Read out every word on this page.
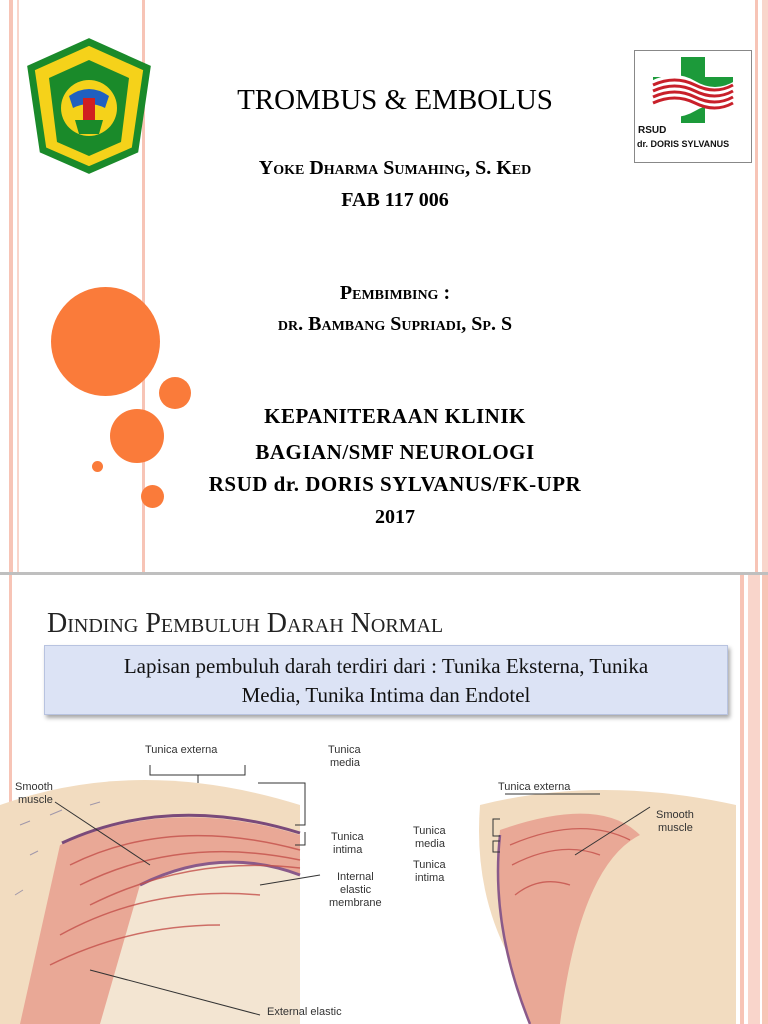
RSUD
dr. DORIS SYLVANUS
TROMBUS & EMBOLUS
Yoke Dharma Sumahing, S. Ked
FAB 117 006
Pembimbing :
dr. Bambang Supriadi, Sp. S
KEPANITERAAN KLINIK
BAGIAN/SMF NEUROLOGI
RSUD dr. DORIS SYLVANUS/FK-UPR
2017
Dinding Pembuluh Darah Normal
Lapisan pembuluh darah terdiri dari : Tunika Eksterna, Tunika
Media, Tunika Intima dan Endotel
Tunica externa	Tunica
media
Smooth
muscle
Tunica
intima
Internal
elastic
membrane
External elastic
Tunica externa
Smooth
muscle
Tunica
media
Tunica
intima
